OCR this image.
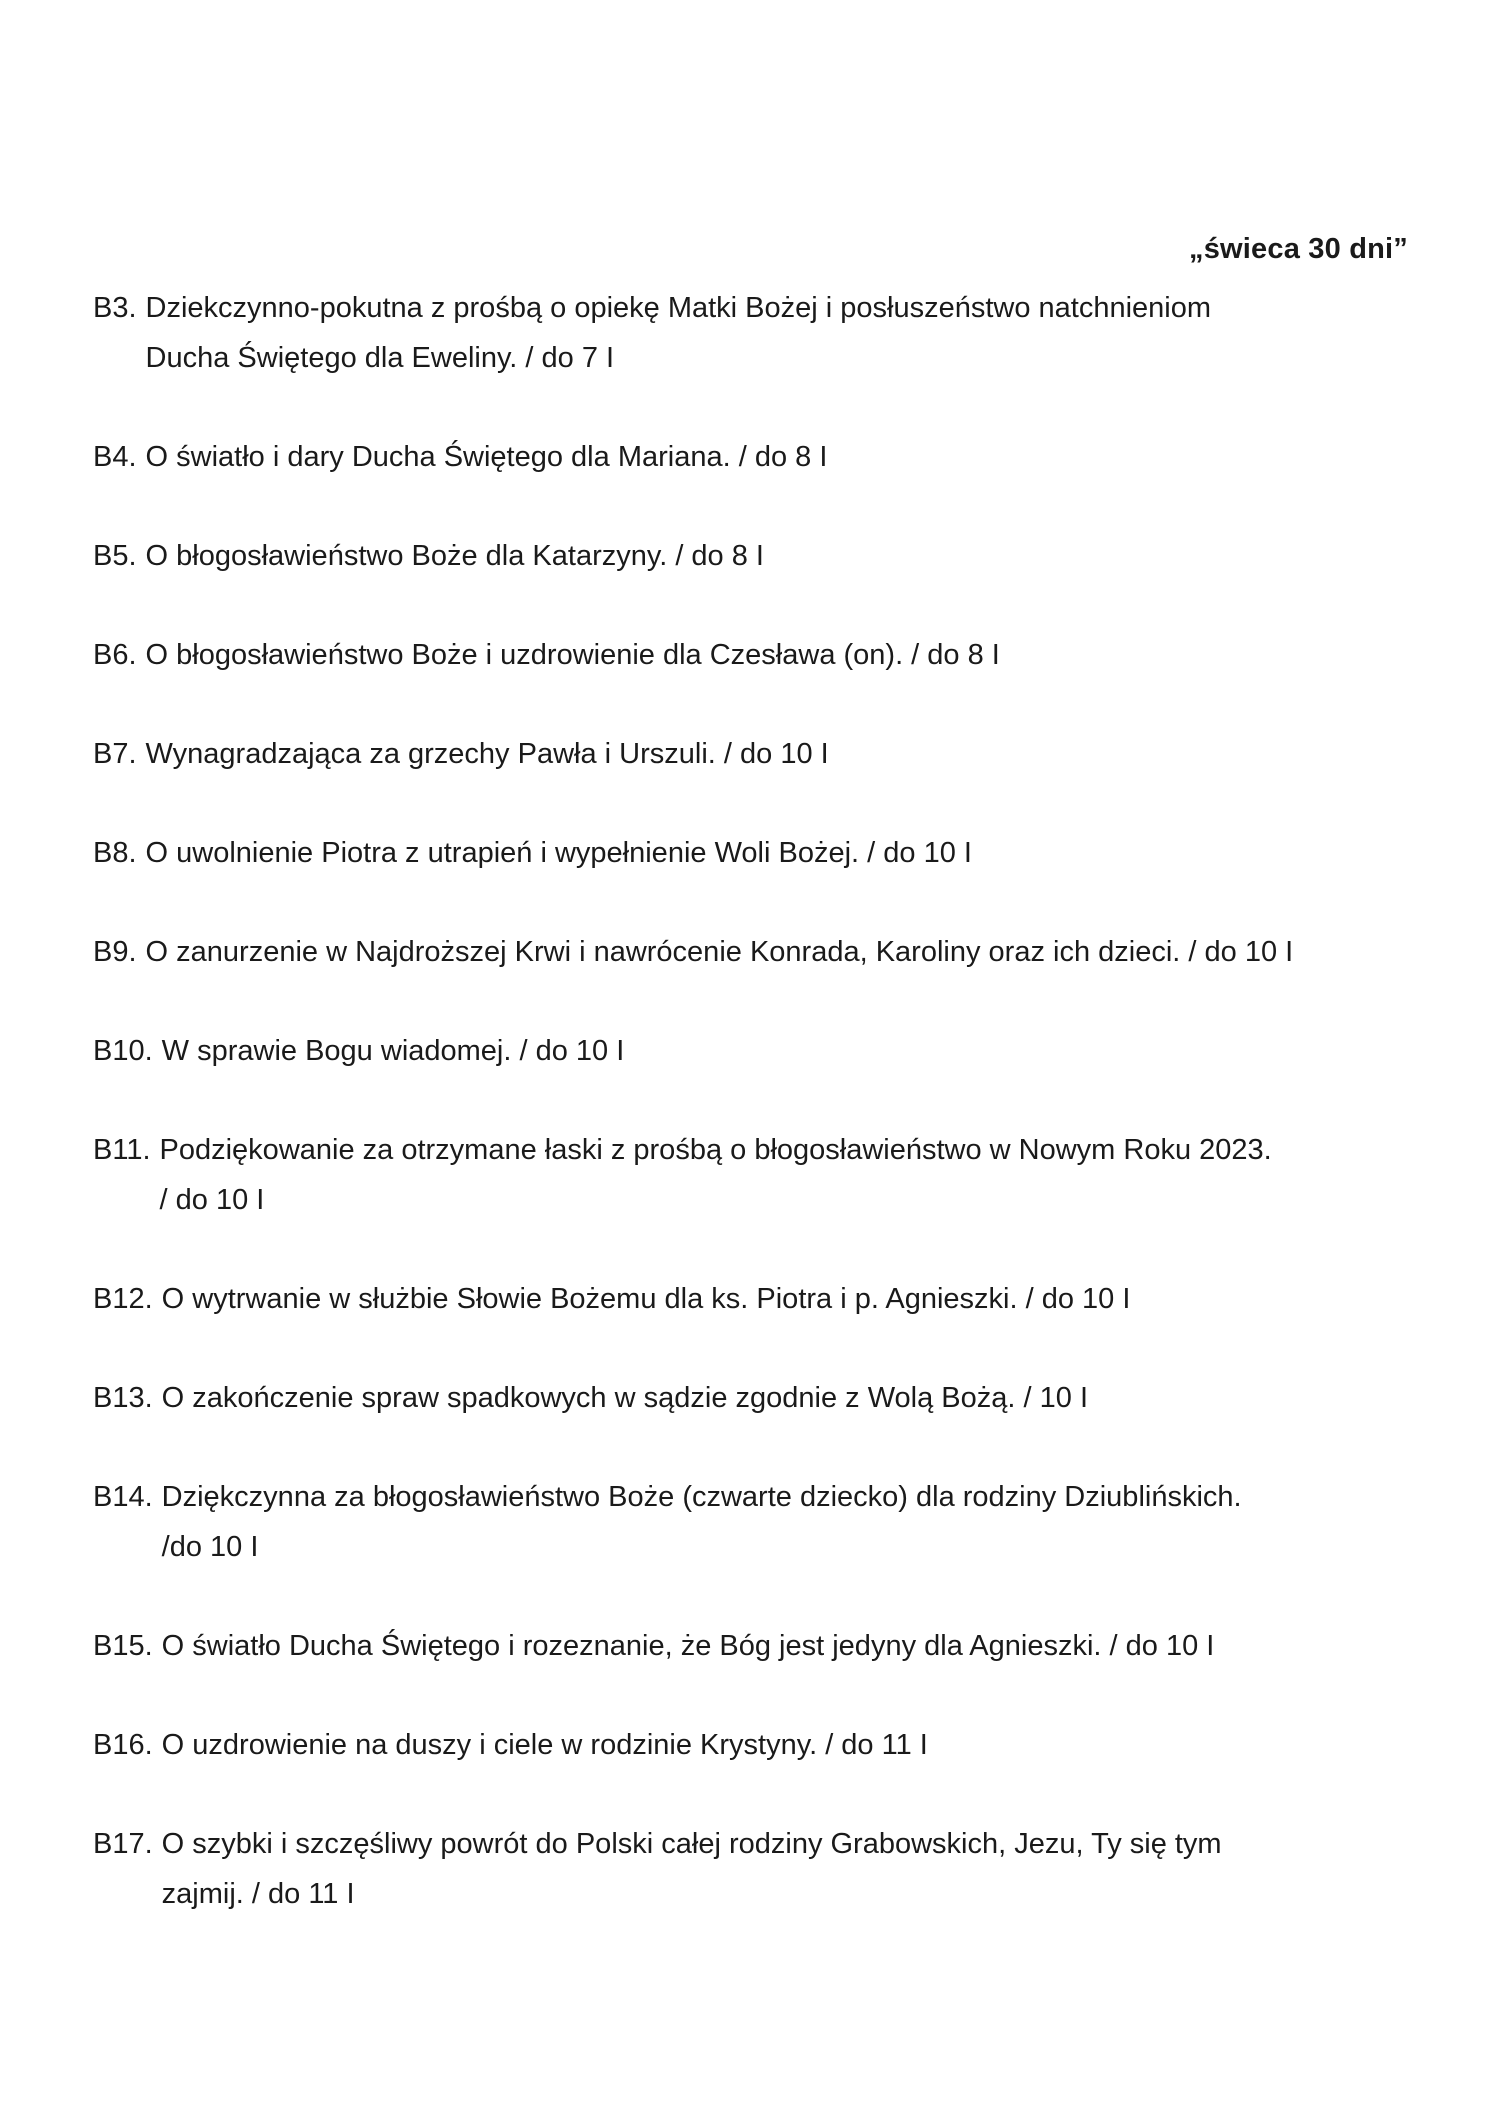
„świeca 30 dni”
B3. Dziekczynno-pokutna z prośbą o opiekę Matki Bożej i posłuszeństwo natchnieniom
Ducha Świętego dla Eweliny. / do 7 I
B4. O światło i dary Ducha Świętego dla Mariana. / do 8 I
B5. O błogosławieństwo Boże dla Katarzyny. / do 8 I
B6. O błogosławieństwo Boże i uzdrowienie dla Czesława (on). / do 8 I
B7. Wynagradzająca za grzechy Pawła i Urszuli. / do 10 I
B8. O uwolnienie Piotra z utrapień i wypełnienie Woli Bożej. / do 10 I
B9. O zanurzenie w Najdroższej Krwi i nawrócenie Konrada, Karoliny oraz ich dzieci. / do 10 I
B10. W sprawie Bogu wiadomej. / do 10 I
B11. Podziękowanie za otrzymane łaski z prośbą o błogosławieństwo w Nowym Roku 2023.
/ do 10 I
B12. O wytrwanie w służbie Słowie Bożemu dla ks. Piotra i p. Agnieszki. / do 10 I
B13. O zakończenie spraw spadkowych w sądzie zgodnie z Wolą Bożą. / 10 I
B14. Dziękczynna za błogosławieństwo Boże (czwarte dziecko) dla rodziny Dziublińskich.
/do 10 I
B15. O światło Ducha Świętego i rozeznanie, że Bóg jest jedyny dla Agnieszki. / do 10 I
B16. O uzdrowienie na duszy i ciele w rodzinie Krystyny. / do 11 I
B17. O szybki i szczęśliwy powrót do Polski całej rodziny Grabowskich, Jezu, Ty się tym
zajmij. / do 11 I
